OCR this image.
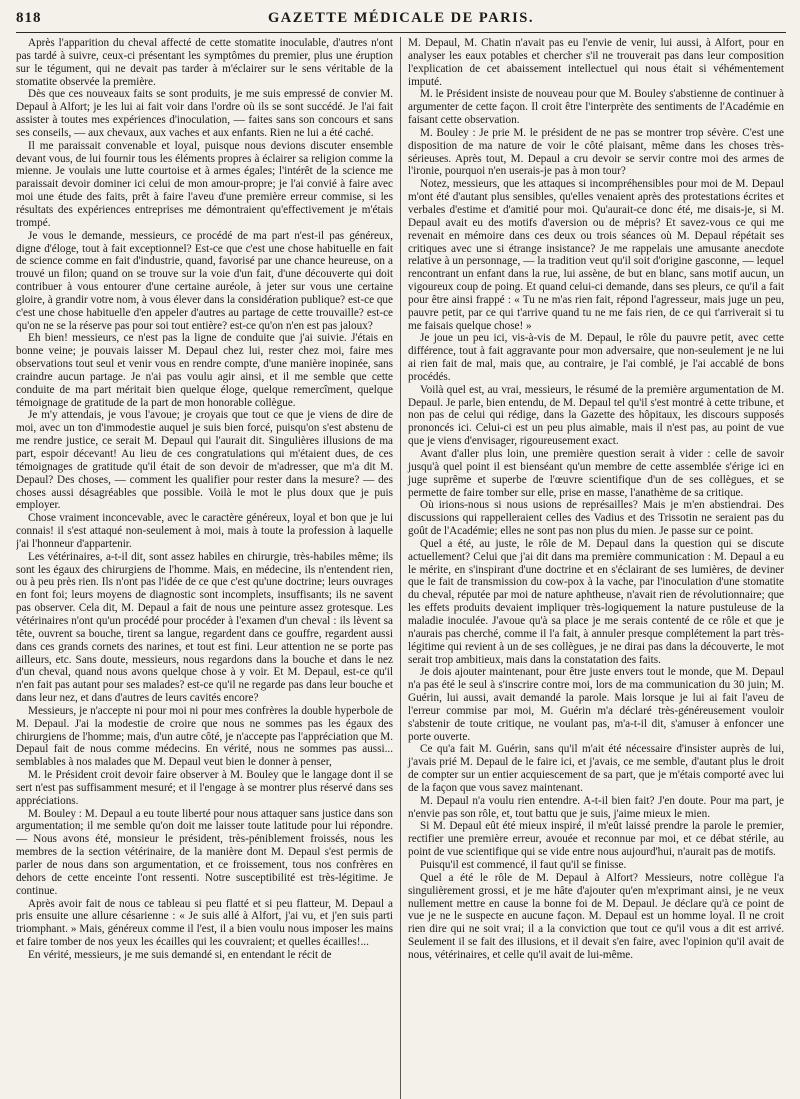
818	GAZETTE MÉDICALE DE PARIS.

Après l'apparition du cheval affecté de cette stomatite inoculable, d'autres n'ont pas tardé à suivre, ceux-ci présentant les symptômes du premier, plus une éruption sur le tégument, qui ne devait pas tarder à m'éclairer sur le sens véritable de la stomatite observée la première.

Dès que ces nouveaux faits se sont produits, je me suis empressé de convier M. Depaul à Alfort; je les lui ai fait voir dans l'ordre où ils se sont succédé. Je l'ai fait assister à toutes mes expériences d'inoculation, — faites sans son concours et sans ses conseils, — aux chevaux, aux vaches et aux enfants. Rien ne lui a été caché.

Il me paraissait convenable et loyal, puisque nous devions discuter ensemble devant vous, de lui fournir tous les éléments propres à éclairer sa religion comme la mienne. Je voulais une lutte courtoise et à armes égales; l'intérêt de la science me paraissait devoir dominer ici celui de mon amour-propre; je l'ai convié à faire avec moi une étude des faits, prêt à faire l'aveu d'une première erreur commise, si les résultats des expériences entreprises me démontraient qu'effectivement je m'étais trompé.

Je vous le demande, messieurs, ce procédé de ma part n'est-il pas généreux, digne d'éloge, tout à fait exceptionnel? Est-ce que c'est une chose habituelle en fait de science comme en fait d'industrie, quand, favorisé par une chance heureuse, on a trouvé un filon; quand on se trouve sur la voie d'un fait, d'une découverte qui doit contribuer à vous entourer d'une certaine auréole, à jeter sur vous une certaine gloire, à grandir votre nom, à vous élever dans la considération publique? est-ce que c'est une chose habituelle d'en appeler d'autres au partage de cette trouvaille? est-ce qu'on ne se la réserve pas pour soi tout entière? est-ce qu'on n'en est pas jaloux?

Eh bien! messieurs, ce n'est pas la ligne de conduite que j'ai suivie. J'étais en bonne veine; je pouvais laisser M. Depaul chez lui, rester chez moi, faire mes observations tout seul et venir vous en rendre compte, d'une manière inopinée, sans craindre aucun partage. Je n'ai pas voulu agir ainsi, et il me semble que cette conduite de ma part méritait bien quelque éloge, quelque remercîment, quelque témoignage de gratitude de la part de mon honorable collègue.

Je m'y attendais, je vous l'avoue; je croyais que tout ce que je viens de dire de moi, avec un ton d'immodestie auquel je suis bien forcé, puisqu'on s'est abstenu de me rendre justice, ce serait M. Depaul qui l'aurait dit. Singulières illusions de ma part, espoir décevant! Au lieu de ces congratulations qui m'étaient dues, de ces témoignages de gratitude qu'il était de son devoir de m'adresser, que m'a dit M. Depaul? Des choses, — comment les qualifier pour rester dans la mesure? — des choses aussi désagréables que possible. Voilà le mot le plus doux que je puis employer.

Chose vraiment inconcevable, avec le caractère généreux, loyal et bon que je lui connais! il s'est attaqué non-seulement à moi, mais à toute la profession à laquelle j'ai l'honneur d'appartenir.

Les vétérinaires, a-t-il dit, sont assez habiles en chirurgie, très-habiles même; ils sont les égaux des chirurgiens de l'homme. Mais, en médecine, ils n'entendent rien, ou à peu près rien. Ils n'ont pas l'idée de ce que c'est qu'une doctrine; leurs ouvrages en font foi; leurs moyens de diagnostic sont incomplets, insuffisants; ils ne savent pas observer. Cela dit, M. Depaul a fait de nous une peinture assez grotesque. Les vétérinaires n'ont qu'un procédé pour procéder à l'examen d'un cheval : ils lèvent sa tête, ouvrent sa bouche, tirent sa langue, regardent dans ce gouffre, regardent aussi dans ces grands cornets des narines, et tout est fini. Leur attention ne se porte pas ailleurs, etc. Sans doute, messieurs, nous regardons dans la bouche et dans le nez d'un cheval, quand nous avons quelque chose à y voir. Et M. Depaul, est-ce qu'il n'en fait pas autant pour ses malades? est-ce qu'il ne regarde pas dans leur bouche et dans leur nez, et dans d'autres de leurs cavités encore?

Messieurs, je n'accepte ni pour moi ni pour mes confrères la double hyperbole de M. Depaul. J'ai la modestie de croire que nous ne sommes pas les égaux des chirurgiens de l'homme; mais, d'un autre côté, je n'accepte pas l'appréciation que M. Depaul fait de nous comme médecins. En vérité, nous ne sommes pas aussi... semblables à nos malades que M. Depaul veut bien le donner à penser,

M. le Président croit devoir faire observer à M. Bouley que le langage dont il se sert n'est pas suffisamment mesuré; et il l'engage à se montrer plus réservé dans ses appréciations.

M. Bouley : M. Depaul a eu toute liberté pour nous attaquer sans justice dans son argumentation; il me semble qu'on doit me laisser toute latitude pour lui répondre. — Nous avons été, monsieur le président, très-péniblement froissés, nous les membres de la section vétérinaire, de la manière dont M. Depaul s'est permis de parler de nous dans son argumentation, et ce froissement, tous nos confrères en dehors de cette enceinte l'ont ressenti. Notre susceptibilité est très-légitime. Je continue.

Après avoir fait de nous ce tableau si peu flatté et si peu flatteur, M. Depaul a pris ensuite une allure césarienne : « Je suis allé à Alfort, j'ai vu, et j'en suis parti triomphant. » Mais, généreux comme il l'est, il a bien voulu nous imposer les mains et faire tomber de nos yeux les écailles qui les couvraient; et quelles écailles!...

En vérité, messieurs, je me suis demandé si, en entendant le récit de

M. Depaul, M. Chatin n'avait pas eu l'envie de venir, lui aussi, à Alfort, pour en analyser les eaux potables et chercher s'il ne trouverait pas dans leur composition l'explication de cet abaissement intellectuel qui nous était si véhémentement imputé.

M. le Président insiste de nouveau pour que M. Bouley s'abstienne de continuer à argumenter de cette façon. Il croit être l'interprète des sentiments de l'Académie en faisant cette observation.

M. Bouley : Je prie M. le président de ne pas se montrer trop sévère. C'est une disposition de ma nature de voir le côté plaisant, même dans les choses très-sérieuses. Après tout, M. Depaul a cru devoir se servir contre moi des armes de l'ironie, pourquoi n'en userais-je pas à mon tour?

Notez, messieurs, que les attaques si incompréhensibles pour moi de M. Depaul m'ont été d'autant plus sensibles, qu'elles venaient après des protestations écrites et verbales d'estime et d'amitié pour moi. Qu'aurait-ce donc été, me disais-je, si M. Depaul avait eu des motifs d'aversion ou de mépris? Et savez-vous ce qui me revenait en mémoire dans ces deux ou trois séances où M. Depaul répétait ses critiques avec une si étrange insistance? Je me rappelais une amusante anecdote relative à un personnage, — la tradition veut qu'il soit d'origine gasconne, — lequel rencontrant un enfant dans la rue, lui assène, de but en blanc, sans motif aucun, un vigoureux coup de poing. Et quand celui-ci demande, dans ses pleurs, ce qu'il a fait pour être ainsi frappé : « Tu ne m'as rien fait, répond l'agresseur, mais juge un peu, pauvre petit, par ce qui t'arrive quand tu ne me fais rien, de ce qui t'arriverait si tu me faisais quelque chose! »

Je joue un peu ici, vis-à-vis de M. Depaul, le rôle du pauvre petit, avec cette différence, tout à fait aggravante pour mon adversaire, que non-seulement je ne lui ai rien fait de mal, mais que, au contraire, je l'ai comblé, je l'ai accablé de bons procédés.

Voilà quel est, au vrai, messieurs, le résumé de la première argumentation de M. Depaul. Je parle, bien entendu, de M. Depaul tel qu'il s'est montré à cette tribune, et non pas de celui qui rédige, dans la Gazette des hôpitaux, les discours supposés prononcés ici. Celui-ci est un peu plus aimable, mais il n'est pas, au point de vue que je viens d'envisager, rigoureusement exact.

Avant d'aller plus loin, une première question serait à vider : celle de savoir jusqu'à quel point il est bienséant qu'un membre de cette assemblée s'érige ici en juge suprême et superbe de l'œuvre scientifique d'un de ses collègues, et se permette de faire tomber sur elle, prise en masse, l'anathème de sa critique.

Où irions-nous si nous usions de représailles? Mais je m'en abstiendrai. Des discussions qui rappelleraient celles des Vadius et des Trissotin ne seraient pas du goût de l'Académie; elles ne sont pas non plus du mien. Je passe sur ce point.

Quel a été, au juste, le rôle de M. Depaul dans la question qui se discute actuellement? Celui que j'ai dit dans ma première communication : M. Depaul a eu le mérite, en s'inspirant d'une doctrine et en s'éclairant de ses lumières, de deviner que le fait de transmission du cow-pox à la vache, par l'inoculation d'une stomatite du cheval, réputée par moi de nature aphtheuse, n'avait rien de révolutionnaire; que les effets produits devaient impliquer très-logiquement la nature pustuleuse de la maladie inoculée. J'avoue qu'à sa place je me serais contenté de ce rôle et que je n'aurais pas cherché, comme il l'a fait, à annuler presque complétement la part très-légitime qui revient à un de ses collègues, je ne dirai pas dans la découverte, le mot serait trop ambitieux, mais dans la constatation des faits.

Je dois ajouter maintenant, pour être juste envers tout le monde, que M. Depaul n'a pas été le seul à s'inscrire contre moi, lors de ma communication du 30 juin; M. Guérin, lui aussi, avait demandé la parole. Mais lorsque je lui ai fait l'aveu de l'erreur commise par moi, M. Guérin m'a déclaré très-généreusement vouloir s'abstenir de toute critique, ne voulant pas, m'a-t-il dit, s'amuser à enfoncer une porte ouverte.

Ce qu'a fait M. Guérin, sans qu'il m'ait été nécessaire d'insister auprès de lui, j'avais prié M. Depaul de le faire ici, et j'avais, ce me semble, d'autant plus le droit de compter sur un entier acquiescement de sa part, que je m'étais comporté avec lui de la façon que vous savez maintenant.

M. Depaul n'a voulu rien entendre. A-t-il bien fait? J'en doute. Pour ma part, je n'envie pas son rôle, et, tout battu que je suis, j'aime mieux le mien.

Si M. Depaul eût été mieux inspiré, il m'eût laissé prendre la parole le premier, rectifier une première erreur, avouée et reconnue par moi, et ce débat stérile, au point de vue scientifique qui se vide entre nous aujourd'hui, n'aurait pas de motifs.

Puisqu'il est commencé, il faut qu'il se finisse.

Quel a été le rôle de M. Depaul à Alfort? Messieurs, notre collègue l'a singulièrement grossi, et je me hâte d'ajouter qu'en m'exprimant ainsi, je ne veux nullement mettre en cause la bonne foi de M. Depaul. Je déclare qu'à ce point de vue je ne le suspecte en aucune façon. M. Depaul est un homme loyal. Il ne croit rien dire qui ne soit vrai; il a la conviction que tout ce qu'il vous a dit est arrivé. Seulement il se fait des illusions, et il devait s'en faire, avec l'opinion qu'il avait de nous, vétérinaires, et celle qu'il avait de lui-même.
